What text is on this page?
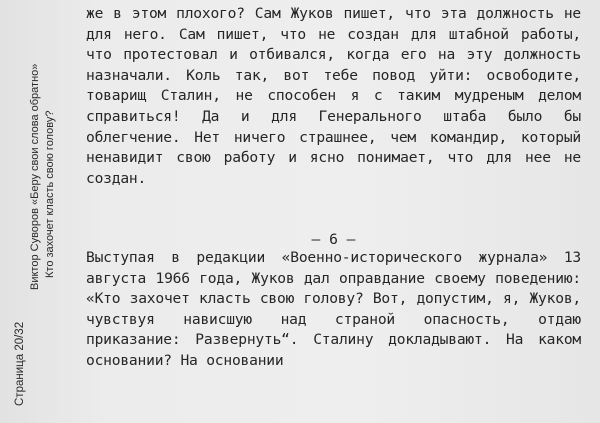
Страница 20/32
Виктор Суворов «Беру свои слова обратно» Кто захочет класть свою голову?

же в этом плохого? Сам Жуков пишет, что эта должность не для него. Сам пишет, что не создан для штабной работы, что протестовал и отбивался, когда его на эту должность назначали. Коль так, вот тебе повод уйти: освободите, товарищ Сталин, не способен я с таким мудреным делом справиться! Да и для Генерального штаба было бы облегчение. Нет ничего страшнее, чем командир, который ненавидит свою работу и ясно понимает, что для нее не создан.

– 6 –

Выступая в редакции «Военно-исторического журнала» 13 августа 1966 года, Жуков дал оправдание своему поведению: «Кто захочет класть свою голову? Вот, допустим, я, Жуков, чувствуя нависшую над страной опасность, отдаю приказание: Развернуть“. Сталину докладывают. На каком основании? На основании
